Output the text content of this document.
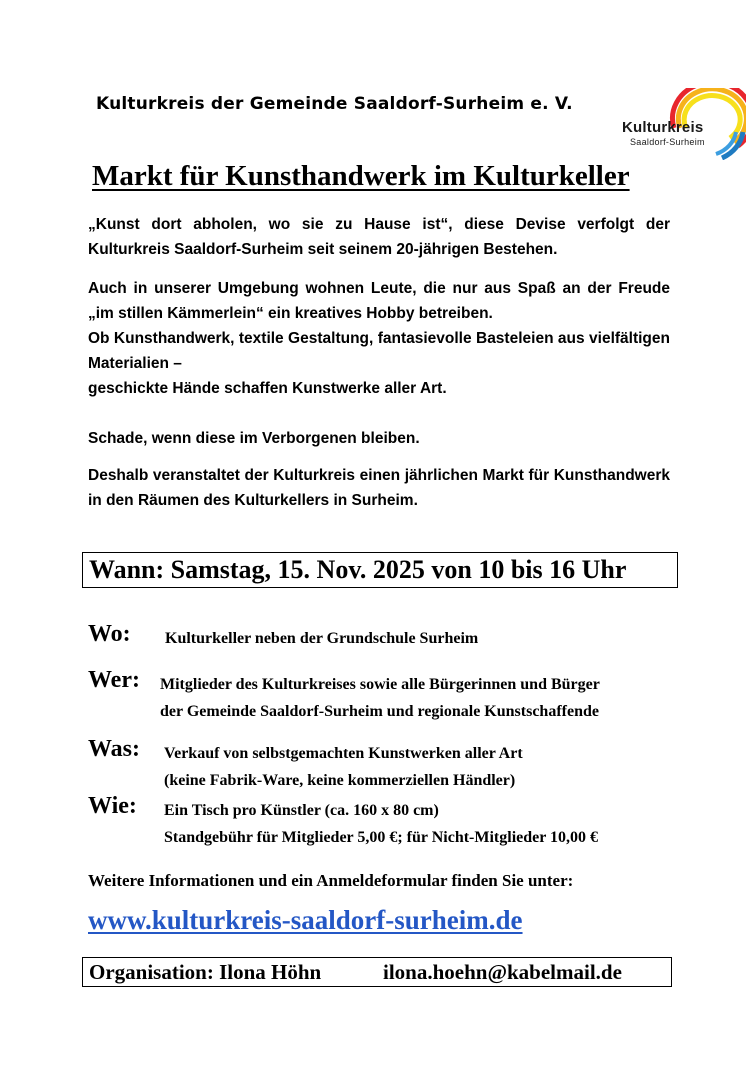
Kulturkreis der Gemeinde Saaldorf-Surheim e. V.
Kulturkreis
Saaldorf-Surheim
Markt für Kunsthandwerk im Kulturkeller

„Kunst dort abholen, wo sie zu Hause ist“, diese Devise verfolgt der Kulturkreis Saaldorf-Surheim seit seinem 20-jährigen Bestehen.

Auch in unserer Umgebung wohnen Leute, die nur aus Spaß an der Freude „im stillen Kämmerlein“ ein kreatives Hobby betreiben.
Ob Kunsthandwerk, textile Gestaltung, fantasievolle Basteleien aus vielfältigen Materialien –
geschickte Hände schaffen Kunstwerke aller Art.

Schade, wenn diese im Verborgenen bleiben.

Deshalb veranstaltet der Kulturkreis einen jährlichen Markt für Kunsthandwerk in den Räumen des Kulturkellers in Surheim.

Wann: Samstag, 15. Nov. 2025 von 10 bis 16 Uhr
Wo: Kulturkeller neben der Grundschule Surheim
Wer: Mitglieder des Kulturkreises sowie alle Bürgerinnen und Bürger
der Gemeinde Saaldorf-Surheim und regionale Kunstschaffende
Was: Verkauf von selbstgemachten Kunstwerken aller Art
(keine Fabrik-Ware, keine kommerziellen Händler)
Wie: Ein Tisch pro Künstler (ca. 160 x 80 cm)
Standgebühr für Mitglieder 5,00 €; für Nicht-Mitglieder 10,00 €
Weitere Informationen und ein Anmeldeformular finden Sie unter:
www.kulturkreis-saaldorf-surheim.de
Organisation: Ilona Höhn	ilona.hoehn@kabelmail.de
